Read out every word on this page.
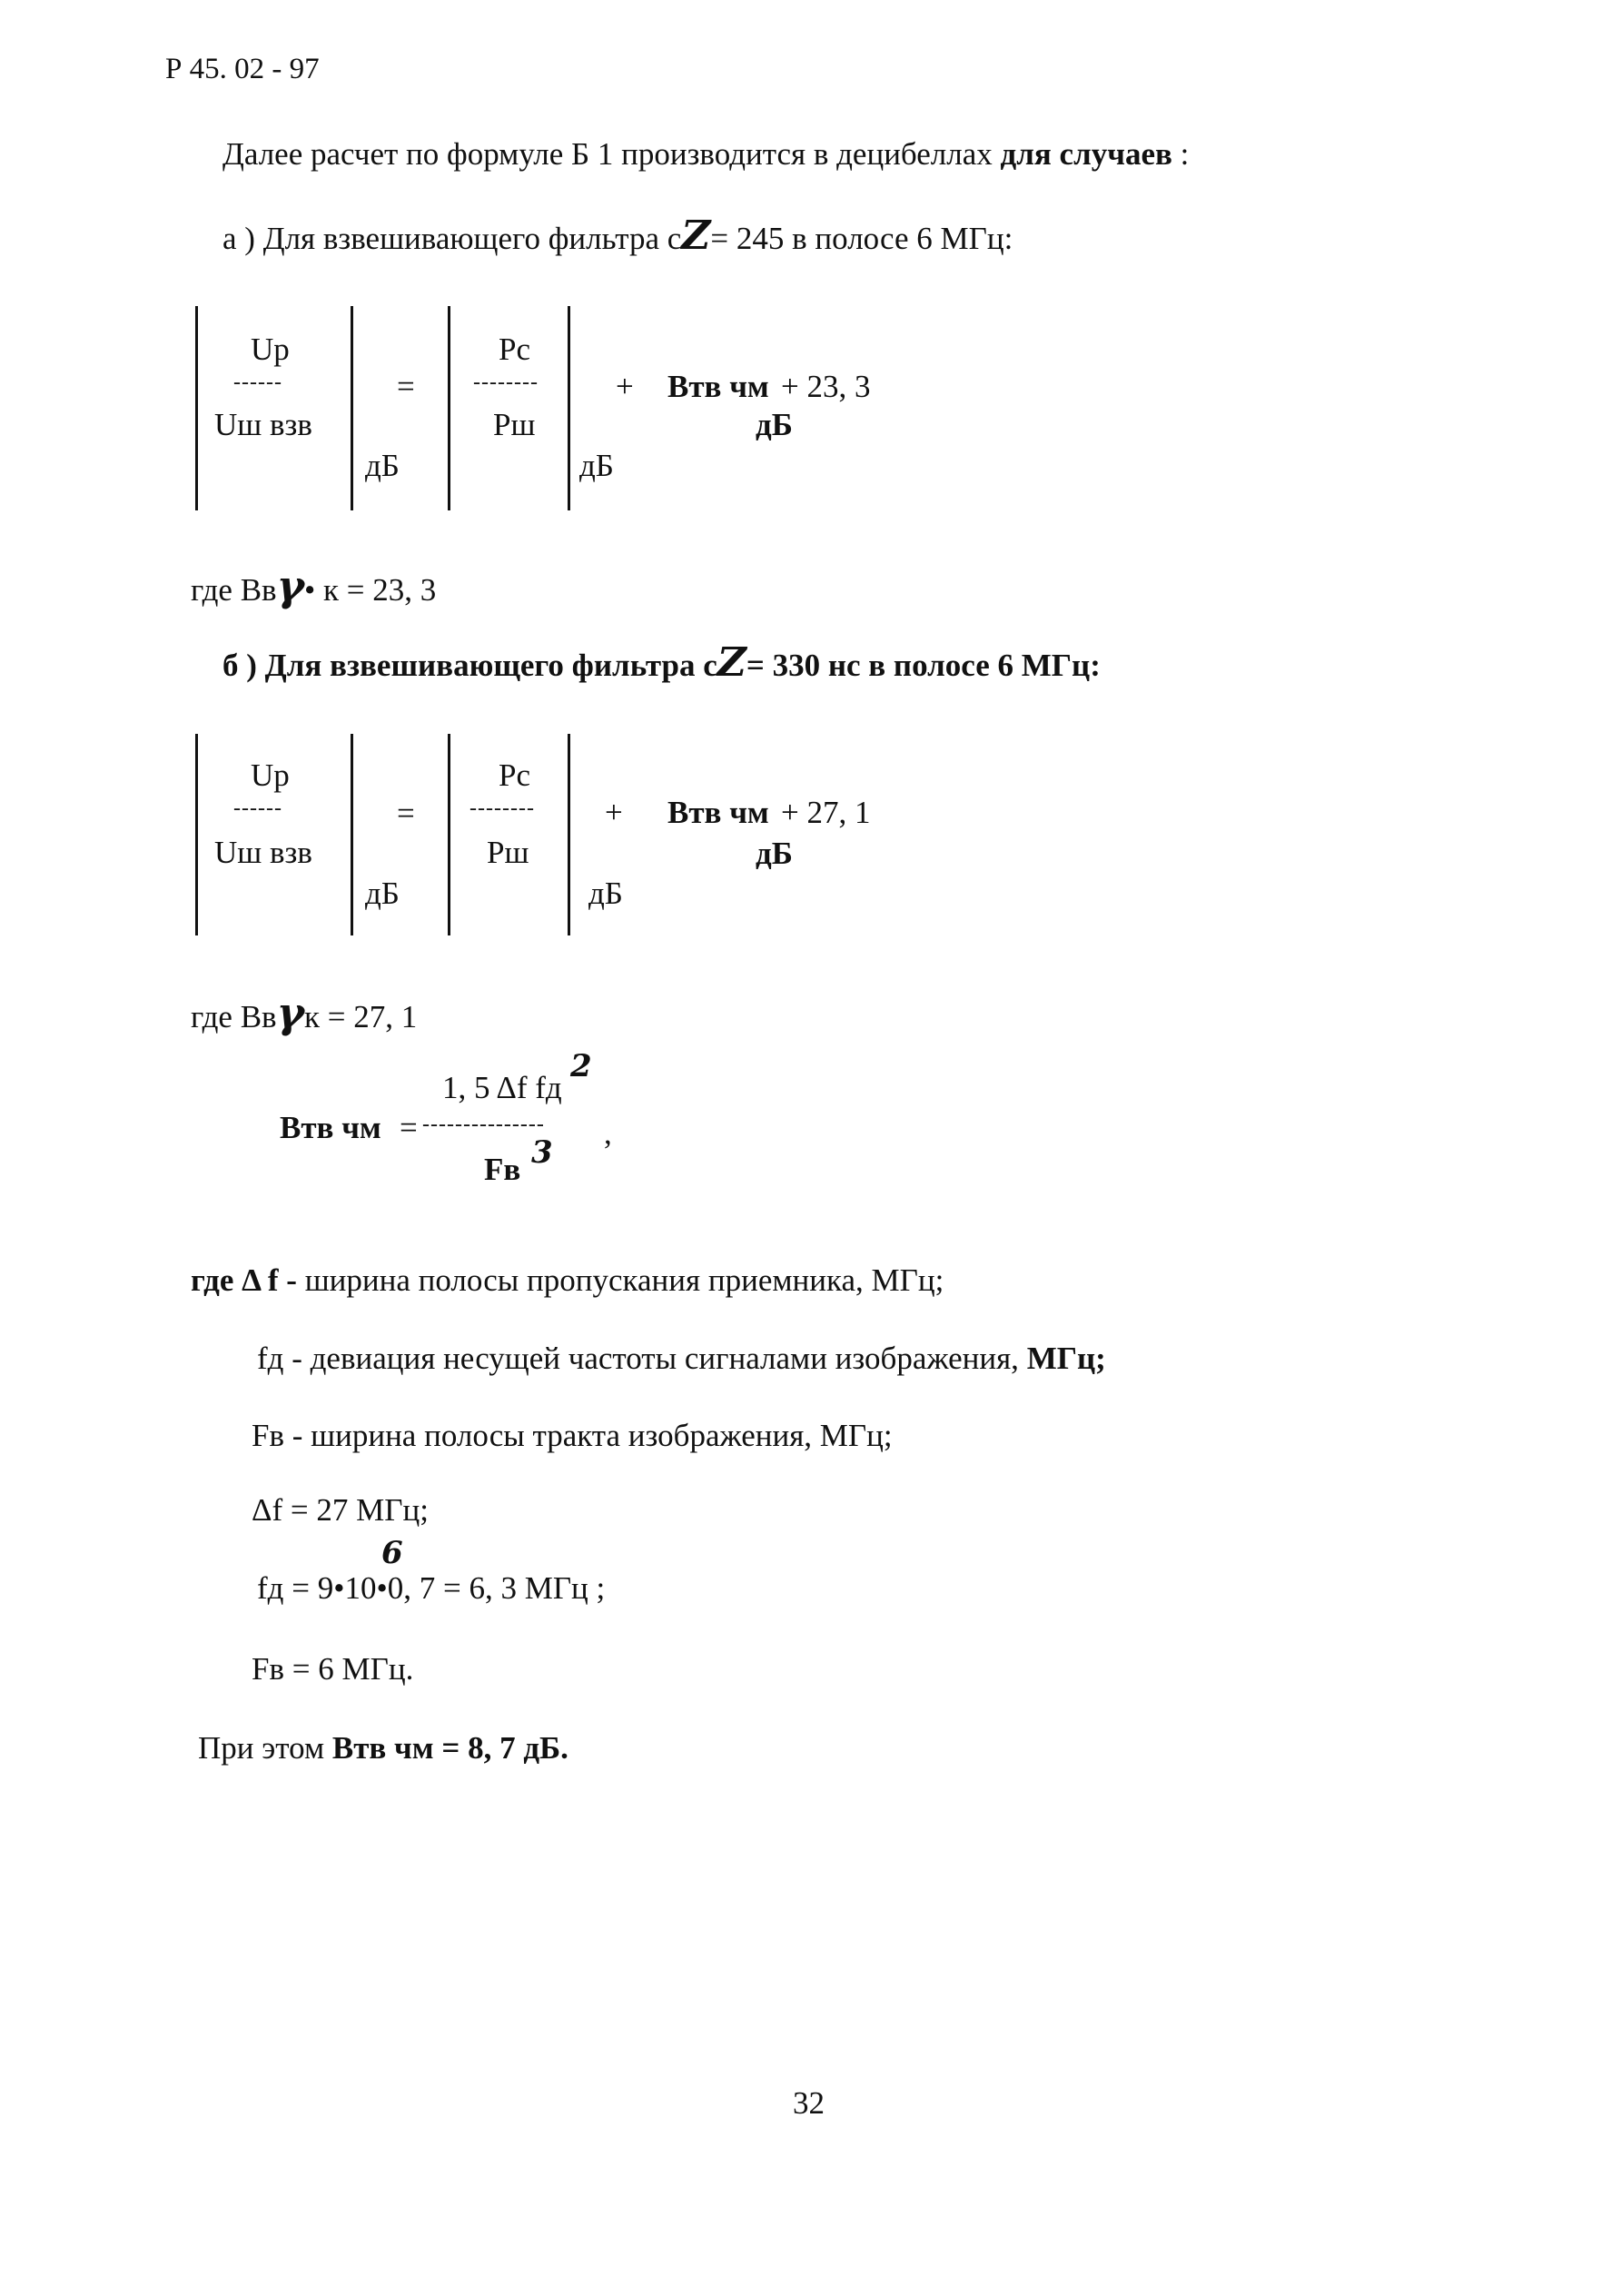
Р 45. 02 - 97
Далее расчет по формуле Б 1 производится в децибеллах для случаев :
а ) Для взвешивающего фильтра сZ= 245 в полосе 6 МГц:
Uр
------
Uш взв
дБ
=
Рс
--------
Рш
дБ
+ Втв чм + 23, 3
дБ
где Ввγ• к = 23, 3
б ) Для взвешивающего фильтра сZ= 330 нс в полосе 6 МГц:
Uр
------
Uш взв
дБ
=
Рс
--------
Рш
дБ
+ Втв чм + 27, 1
дБ
где Ввγк = 27, 1
Втв чм =
1, 5 Δf fд
2
--------------- ,
Fв 3
где Δ f - ширина полосы пропускания приемника, МГц;
fд - девиация несущей частоты сигналами изображения, МГц;
Fв - ширина полосы тракта изображения, МГц;
Δf = 27 МГц;
6
fд = 9•10•0, 7 = 6, 3 МГц ;
Fв = 6 МГц.
При этом Втв чм = 8, 7 дБ.
32
